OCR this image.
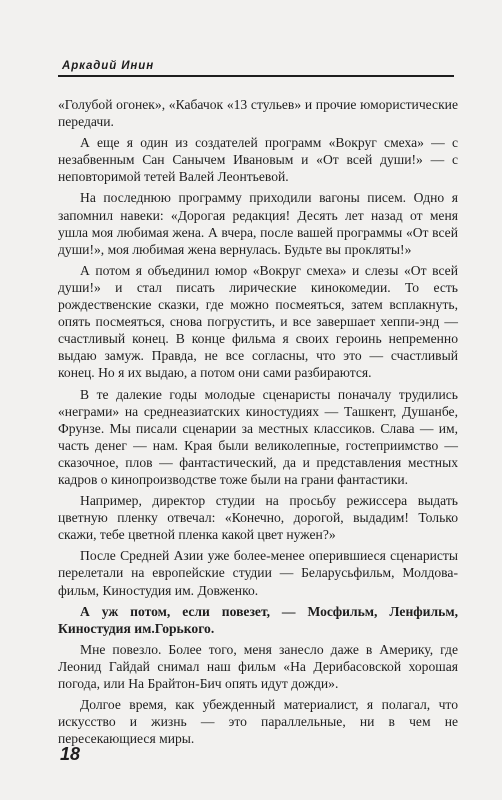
Аркадий Инин

«Голубой огонек», «Кабачок «13 стульев» и прочие юмористические передачи.

А еще я один из создателей программ «Вокруг смеха» — с незабвенным Сан Санычем Ивановым и «От всей души!» — с неповторимой тетей Валей Леонтьевой.

На последнюю программу приходили вагоны писем. Одно я запомнил навеки: «Дорогая редакция! Десять лет назад от меня ушла моя любимая жена. А вчера, после вашей программы «От всей души!», моя любимая жена вернулась. Будьте вы прокляты!»

А потом я объединил юмор «Вокруг смеха» и слезы «От всей души!» и стал писать лирические кинокомедии. То есть рождественские сказки, где можно посмеяться, затем всплакнуть, опять посмеяться, снова погрустить, и все завершает хеппи-энд — счастливый конец. В конце фильма я своих героинь непременно выдаю замуж. Правда, не все согласны, что это — счастливый конец. Но я их выдаю, а потом они сами разбираются.

В те далекие годы молодые сценаристы поначалу трудились «неграми» на среднеазиатских киностудиях — Ташкент, Душанбе, Фрунзе. Мы писали сценарии за местных классиков. Слава — им, часть денег — нам. Края были великолепные, гостеприимство — сказочное, плов — фантастический, да и представления местных кадров о кинопроизводстве тоже были на грани фантастики.

Например, директор студии на просьбу режиссера выдать цветную пленку отвечал: «Конечно, дорогой, выдадим! Только скажи, тебе цветной пленка какой цвет нужен?»

После Средней Азии уже более-менее оперившиеся сценаристы перелетали на европейские студии — Беларусьфильм, Молдова-фильм, Киностудия им. Довженко.

А уж потом, если повезет, — Мосфильм, Ленфильм, Киностудия им.Горького.

Мне повезло. Более того, меня занесло даже в Америку, где Леонид Гайдай снимал наш фильм «На Дерибасовской хорошая погода, или На Брайтон-Бич опять идут дожди».

Долгое время, как убежденный материалист, я полагал, что искусство и жизнь — это параллельные, ни в чем не пересекающиеся миры.

18
